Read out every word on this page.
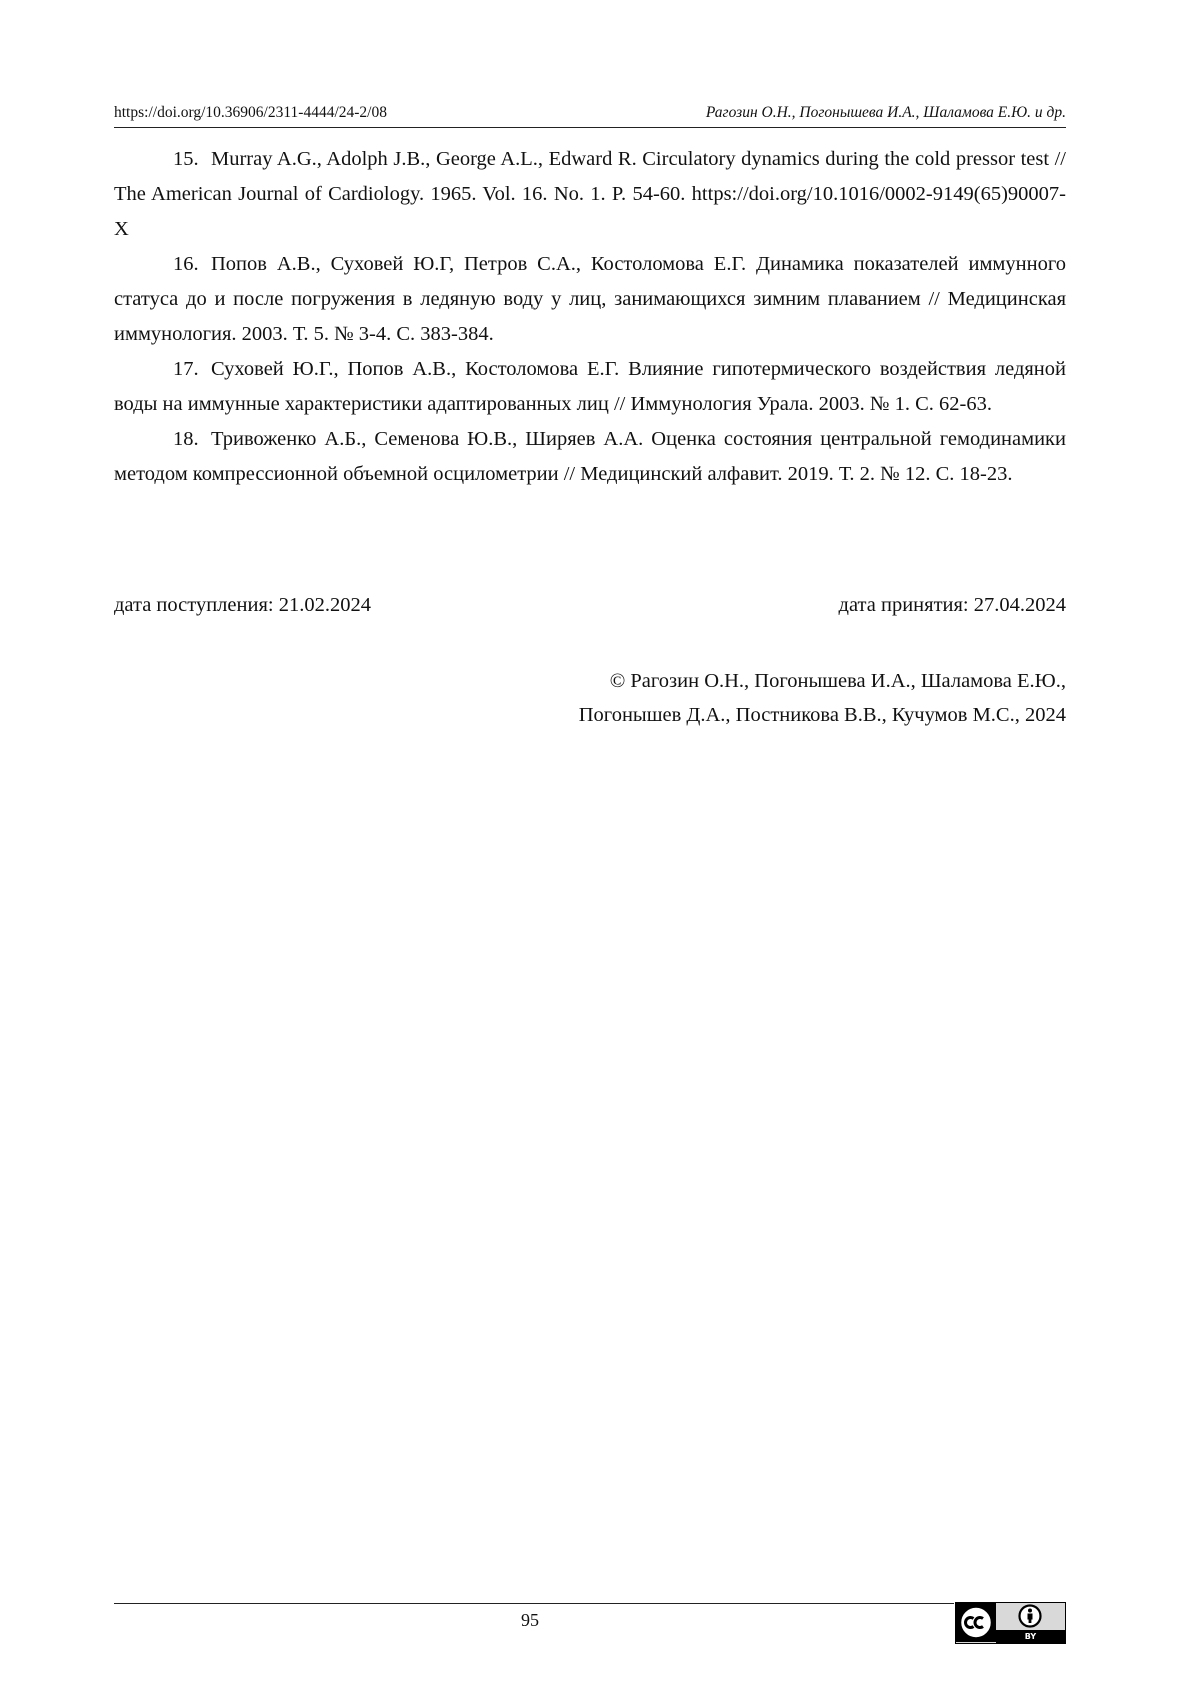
https://doi.org/10.36906/2311-4444/24-2/08	Рагозин О.Н., Погонышева И.А., Шаламова Е.Ю. и др.

15. Murray A.G., Adolph J.B., George A.L., Edward R. Circulatory dynamics during the cold pressor test // The American Journal of Cardiology. 1965. Vol. 16. No. 1. P. 54-60. https://doi.org/10.1016/0002-9149(65)90007-X

16. Попов А.В., Суховей Ю.Г, Петров С.А., Костоломова Е.Г. Динамика показателей иммунного статуса до и после погружения в ледяную воду у лиц, занимающихся зимним плаванием // Медицинская иммунология. 2003. Т. 5. № 3-4. С. 383-384.

17. Суховей Ю.Г., Попов А.В., Костоломова Е.Г. Влияние гипотермического воздействия ледяной воды на иммунные характеристики адаптированных лиц // Иммунология Урала. 2003. № 1. С. 62-63.

18. Тривоженко А.Б., Семенова Ю.В., Ширяев А.А. Оценка состояния центральной гемодинамики методом компрессионной объемной осцилометрии // Медицинский алфавит. 2019. Т. 2. № 12. С. 18-23.

дата поступления: 21.02.2024	дата принятия: 27.04.2024
© Рагозин О.Н., Погонышева И.А., Шаламова Е.Ю.,
Погонышев Д.А., Постникова В.В., Кучумов М.С., 2024
95
BY
